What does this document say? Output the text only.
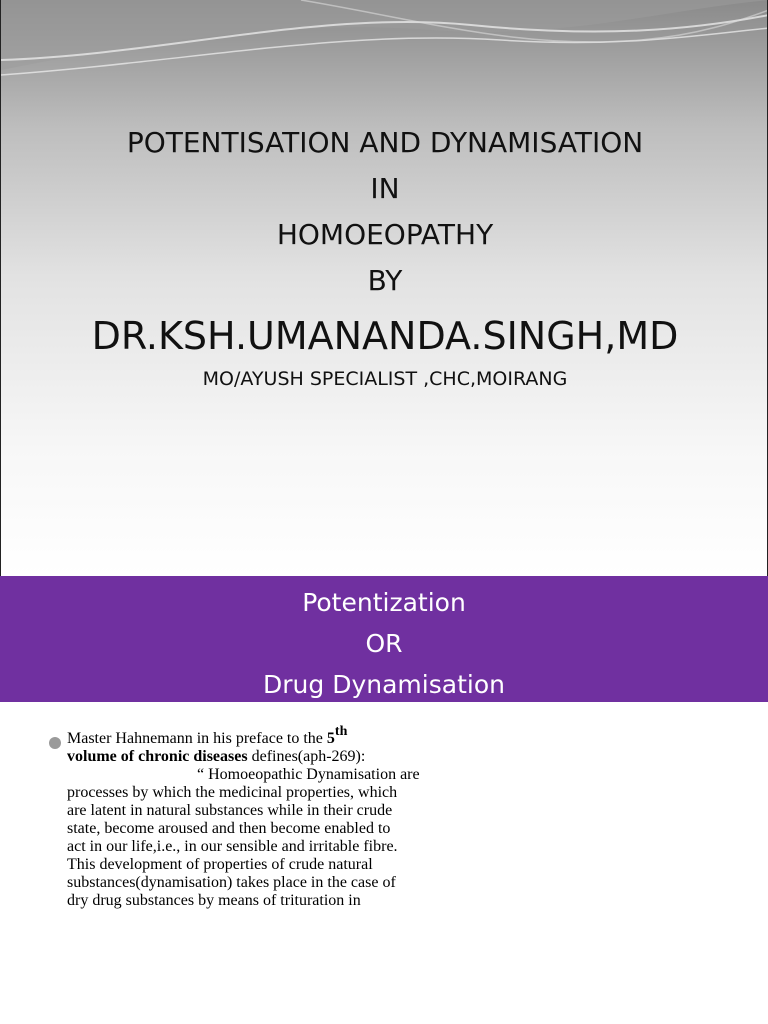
POTENTISATION AND DYNAMISATION
IN
HOMOEOPATHY
BY
DR.KSH.UMANANDA.SINGH,MD
MO/AYUSH SPECIALIST ,CHC,MOIRANG
Potentization
OR
Drug Dynamisation

Master Hahnemann in his preface to the 5th

volume of chronic diseases defines(aph-269):

“ Homoeopathic Dynamisation are

processes by which the medicinal properties, which

are latent in natural substances while in their crude

state, become aroused and then become enabled to

act in our life,i.e., in our sensible and irritable fibre.

This development of properties of crude natural

substances(dynamisation) takes place in the case of

dry drug substances by means of trituration in
